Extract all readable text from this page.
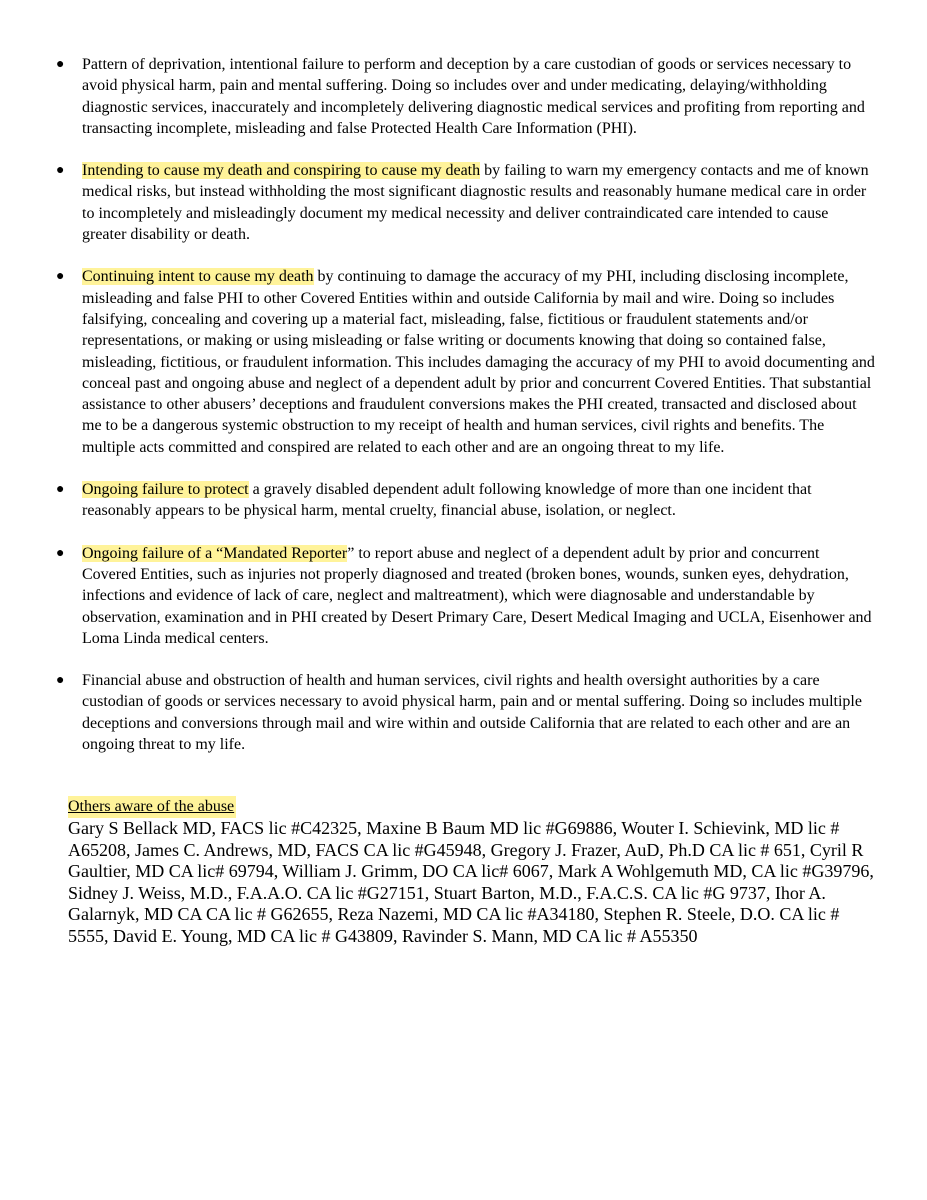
● Pattern of deprivation, intentional failure to perform and deception by a care custodian of goods or services necessary to avoid physical harm, pain and mental suffering. Doing so includes over and under medicating, delaying/withholding diagnostic services, inaccurately and incompletely delivering diagnostic medical services and profiting from reporting and transacting incomplete, misleading and false Protected Health Care Information (PHI).
● Intending to cause my death and conspiring to cause my death by failing to warn my emergency contacts and me of known medical risks, but instead withholding the most significant diagnostic results and reasonably humane medical care in order to incompletely and misleadingly document my medical necessity and deliver contraindicated care intended to cause greater disability or death.
● Continuing intent to cause my death by continuing to damage the accuracy of my PHI, including disclosing incomplete, misleading and false PHI to other Covered Entities within and outside California by mail and wire. Doing so includes falsifying, concealing and covering up a material fact, misleading, false, fictitious or fraudulent statements and/or representations, or making or using misleading or false writing or documents knowing that doing so contained false, misleading, fictitious, or fraudulent information. This includes damaging the accuracy of my PHI to avoid documenting and conceal past and ongoing abuse and neglect of a dependent adult by prior and concurrent Covered Entities. That substantial assistance to other abusers’ deceptions and fraudulent conversions makes the PHI created, transacted and disclosed about me to be a dangerous systemic obstruction to my receipt of health and human services, civil rights and benefits. The multiple acts committed and conspired are related to each other and are an ongoing threat to my life.
● Ongoing failure to protect a gravely disabled dependent adult following knowledge of more than one incident that reasonably appears to be physical harm, mental cruelty, financial abuse, isolation, or neglect.
● Ongoing failure of a “Mandated Reporter” to report abuse and neglect of a dependent adult by prior and concurrent Covered Entities, such as injuries not properly diagnosed and treated (broken bones, wounds, sunken eyes, dehydration, infections and evidence of lack of care, neglect and maltreatment), which were diagnosable and understandable by observation, examination and in PHI created by Desert Primary Care, Desert Medical Imaging and UCLA, Eisenhower and Loma Linda medical centers.
● Financial abuse and obstruction of health and human services, civil rights and health oversight authorities by a care custodian of goods or services necessary to avoid physical harm, pain and or mental suffering. Doing so includes multiple deceptions and conversions through mail and wire within and outside California that are related to each other and are an ongoing threat to my life.
Others aware of the abuse
Gary S Bellack MD, FACS lic #C42325, Maxine B Baum MD lic #G69886, Wouter I. Schievink, MD lic # A65208, James C. Andrews, MD, FACS CA lic #G45948, Gregory J. Frazer, AuD, Ph.D CA lic # 651, Cyril R Gaultier, MD CA lic# 69794, William J. Grimm, DO CA lic# 6067, Mark A Wohlgemuth MD, CA lic #G39796, Sidney J. Weiss, M.D., F.A.A.O. CA lic #G27151, Stuart Barton, M.D., F.A.C.S. CA lic #G 9737, Ihor A. Galarnyk, MD CA CA lic # G62655, Reza Nazemi, MD CA lic #A34180, Stephen R. Steele, D.O. CA lic # 5555, David E. Young, MD CA lic # G43809, Ravinder S. Mann, MD CA lic # A55350
